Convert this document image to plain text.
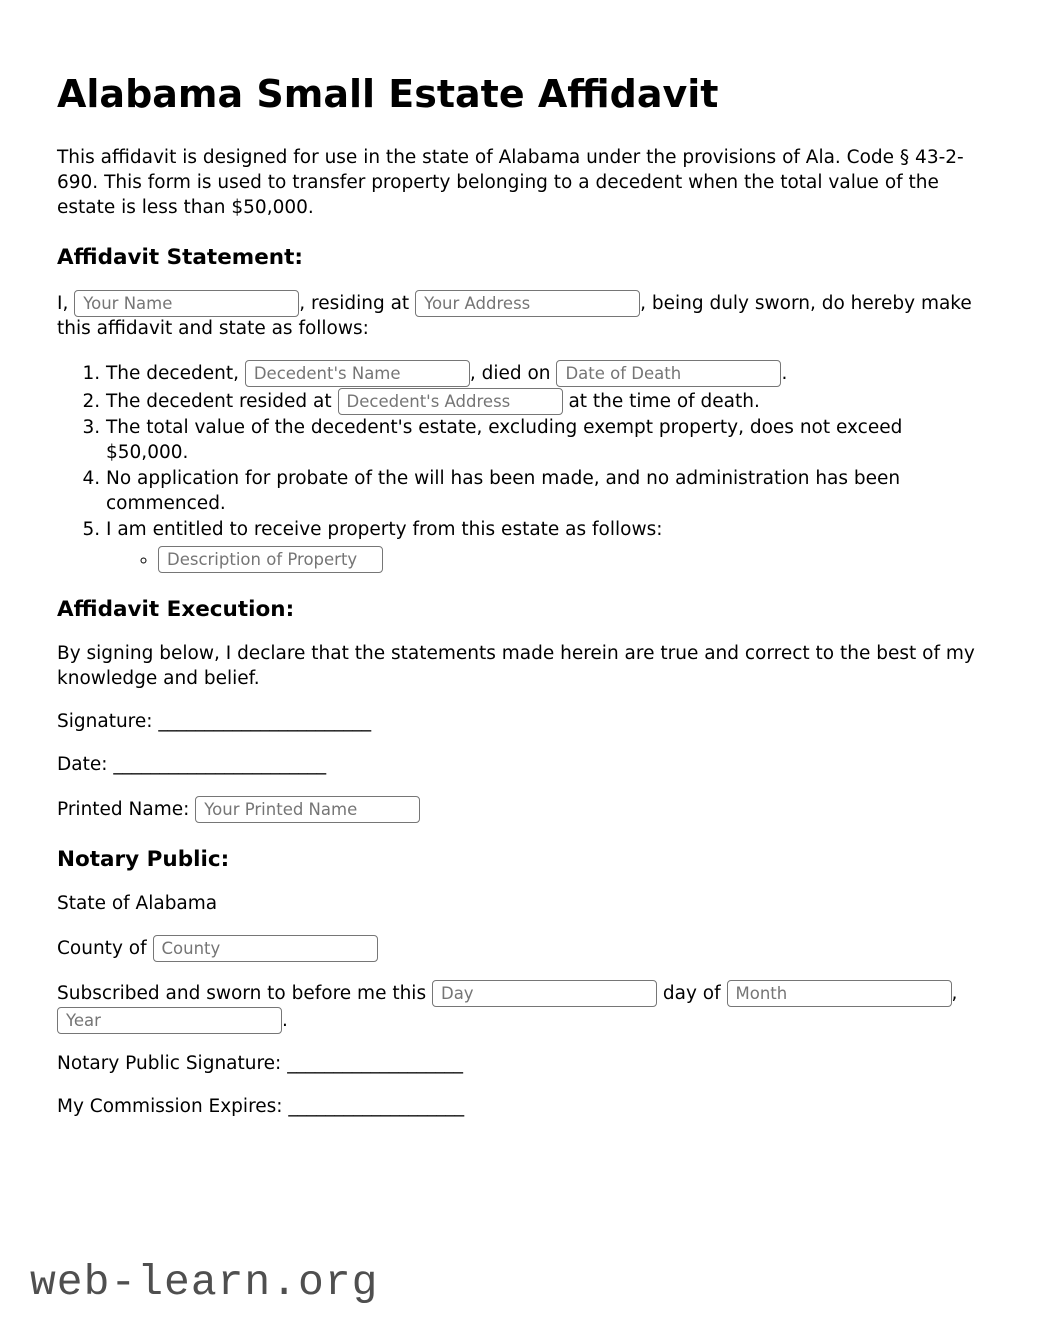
Alabama Small Estate Affidavit

This affidavit is designed for use in the state of Alabama under the provisions of Ala. Code § 43-2-690. This form is used to transfer property belonging to a decedent when the total value of the estate is less than $50,000.

Affidavit Statement:

I, Your Name	, residing at Your Address	, being duly sworn, do hereby make this affidavit and state as follows:

1. The decedent, Decedent's Name	, died on Date of Death	.
2. The decedent resided at Decedent's Address	at the time of death.
3. The total value of the decedent's estate, excluding exempt property, does not exceed $50,000.
4. No application for probate of the will has been made, and no administration has been commenced.
5. I am entitled to receive property from this estate as follows:
◦ Description of Property
Affidavit Execution:

By signing below, I declare that the statements made herein are true and correct to the best of my knowledge and belief.

Signature: _______________________

Date: _______________________

Printed Name: Your Printed Name

Notary Public:

State of Alabama

County of County

Subscribed and sworn to before me this Day	day of Month	, Year.

Notary Public Signature: ___________________

My Commission Expires: ___________________

web-learn.org
